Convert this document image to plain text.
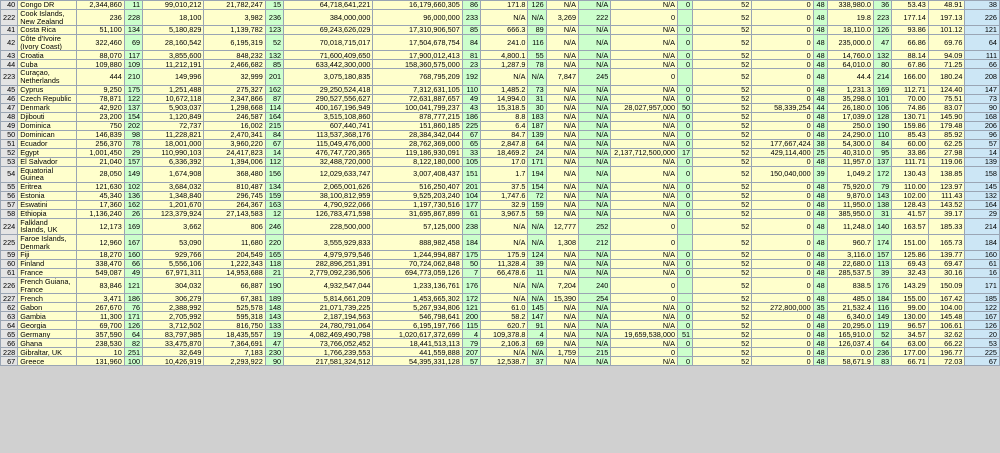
40	Congo DR	2,344,860	11	99,010,212	21,782,247	15	64,718,641,221	16,179,660,305	86	171.8	126	N/A	N/A	N/A	0	52	0	48	338,980.0	36	53.43	48.91	38
222	Cook Islands, New Zealand	236	228	18,100	3,982	236	384,000,000	96,000,000	233	N/A	N/A	3,269	222	0		52	0	48	19.8	223	177.14	197.13	226
41	Costa Rica	51,100	134	5,180,829	1,139,782	123	69,243,626,029	17,310,906,507	85	666.3	89	N/A	N/A	N/A	0	52	0	48	18,110.0	126	93.86	101.12	121
42	Côte d'Ivoire (Ivory Coast)	322,460	69	28,160,542	6,195,319	52	70,018,715,017	17,504,678,754	84	241.0	116	N/A	N/A	N/A	0	52	0	48	235,000.0	47	66.86	69.76	64
43	Croatia	88,070	117	3,855,600	848,232	132	71,600,409,650	17,900,012,413	81	4,800.1	55	N/A	N/A	N/A	0	52	0	48	14,760.0	132	88.14	94.09	111
44	Cuba	109,880	109	11,212,191	2,466,682	85	633,442,300,000	158,360,575,000	23	1,287.9	78	N/A	N/A	N/A	0	52	0	48	64,010.0	80	67.86	71.25	66
223	Curaçao, Netherlands	444	210	149,996	32,999	201	3,075,180,835	768,795,209	192	N/A	N/A	7,847	245	0		52	0	48	44.4	214	166.00	180.24	208
45	Cyprus	9,250	175	1,251,488	275,327	162	29,250,524,418	7,312,631,105	110	1,485.2	73	N/A	N/A	N/A	0	52	0	48	1,231.3	169	112.71	124.40	147
46	Czech Republic	78,871	122	10,672,118	2,347,866	87	290,527,556,627	72,631,887,657	49	14,994.0	31	N/A	N/A	N/A	0	52	0	48	35,298.0	101	70.00	75.51	73
47	Denmark	42,920	137	5,903,037	1,298,668	114	400,167,196,949	100,041,799,237	43	15,318.5	30	N/A	N/A	28,027,957,000	50	52	58,339,254	44	26,180.0	106	74.86	83.07	90
48	Djibouti	23,200	154	1,120,849	246,587	164	3,515,108,860	878,777,215	186	8.8	183	N/A	N/A	N/A	0	52	0	48	17,039.0	128	130.71	145.90	168
49	Dominica	750	202	72,737	16,002	215	607,440,741	151,860,185	225	6.4	187	N/A	N/A	N/A	0	52	0	48	250.0	190	159.86	179.48	206
50	Dominican	146,839	98	11,228,821	2,470,341	84	113,537,368,176	28,384,342,044	67	84.7	139	N/A	N/A	N/A	0	52	0	48	24,290.0	110	85.43	85.92	96
51	Ecuador	256,370	78	18,001,000	3,960,220	67	115,049,476,000	28,762,369,000	65	2,847.8	64	N/A	N/A	N/A	0	52	177,667,424	38	54,300.0	84	60.00	62.25	57
52	Egypt	1,001,450	29	110,990,103	24,417,823	14	476,747,720,365	119,186,930,091	33	18,469.2	24	N/A	N/A	2,137,712,500,000	17	52	429,114,400	25	40,310.0	95	33.86	27.98	14
53	El Salvador	21,040	157	6,336,392	1,394,006	112	32,488,720,000	8,122,180,000	105	17.0	171	N/A	N/A	N/A	0	52	0	48	11,957.0	137	111.71	119.06	139
54	Equatorial Guinea	28,050	149	1,674,908	368,480	156	12,029,633,747	3,007,408,437	151	1.7	194	N/A	N/A	N/A	0	52	150,040,000	39	1,049.2	172	130.43	138.85	158
55	Eritrea	121,630	102	3,684,032	810,487	134	2,065,001,626	516,250,407	201	37.5	154	N/A	N/A	N/A	0	52	0	48	75,920.0	79	110.00	123.97	145
56	Estonia	45,340	136	1,348,840	296,745	159	38,100,812,959	9,525,203,240	104	1,747.6	72	N/A	N/A	N/A	0	52	0	48	9,870.0	143	102.00	111.43	132
57	Eswatini	17,360	162	1,201,670	264,367	163	4,790,922,066	1,197,730,516	177	32.9	159	N/A	N/A	N/A	0	52	0	48	11,950.0	138	128.43	143.52	164
58	Ethiopia	1,136,240	26	123,379,924	27,143,583	12	126,783,471,598	31,695,867,899	61	3,967.5	59	N/A	N/A	N/A	0	52	0	48	385,950.0	31	41.57	39.17	29
224	Falkland Islands, UK	12,173	169	3,662	806	246	228,500,000	57,125,000	238	N/A	N/A	12,777	252	0		52	0	48	11,248.0	140	163.57	185.33	214
225	Faroe Islands, Denmark	12,960	167	53,090	11,680	220	3,555,929,833	888,982,458	184	N/A	N/A	1,308	212	0		52	0	48	960.7	174	151.00	165.73	184
59	Fiji	18,270	160	929,766	204,549	165	4,979,979,546	1,244,994,887	175	175.9	124	N/A	N/A	N/A	0	52	0	48	3,116.0	157	125.86	139.77	160
60	Finland	338,470	66	5,556,106	1,222,343	118	282,896,251,391	70,724,062,848	50	11,328.4	39	N/A	N/A	N/A	0	52	0	48	22,680.0	113	69.43	69.47	61
61	France	549,087	49	67,971,311	14,953,688	21	2,779,092,236,506	694,773,059,126	7	66,478.6	11	N/A	N/A	N/A	0	52	0	48	285,537.5	39	32.43	30.16	16
226	French Guiana, France	83,846	121	304,032	66,887	190	4,932,547,044	1,233,136,761	176	N/A	N/A	7,204	240	0		52	0	48	838.5	176	143.29	150.09	171
227	French	3,471	186	306,279	67,381	189	5,814,661,209	1,453,665,302	172	N/A	N/A	15,390	254	0		52	0	48	485.0	184	155.00	167.42	185
62	Gabon	267,670	76	2,388,992	525,578	148	21,071,739,225	5,267,934,806	121	61.0	145	N/A	N/A	N/A	0	52	272,800,000	35	21,532.4	116	99.00	104.00	122
63	Gambia	11,300	171	2,705,992	595,318	143	2,187,194,563	546,798,641	200	58.2	147	N/A	N/A	N/A	0	52	0	48	6,340.0	149	130.00	145.48	167
64	Georgia	69,700	126	3,712,502	816,750	133	24,780,791,064	6,195,197,766	115	620.7	91	N/A	N/A	N/A	0	52	0	48	20,295.0	119	96.57	106.61	126
65	Germany	357,590	64	83,797,985	18,435,557	19	4,082,469,490,798	1,020,617,372,699	4	109,378.8	4	N/A	N/A	19,659,538,000	51	52	0	48	165,910.0	52	34.57	32.62	20
66	Ghana	238,530	82	33,475,870	7,364,691	47	73,766,052,452	18,441,513,113	79	2,106.3	69	N/A	N/A	N/A	0	52	0	48	126,037.4	64	63.00	66.22	53
228	Gibraltar, UK	10	251	32,649	7,183	230	1,766,239,553	441,559,888	207	N/A	N/A	1,759	215	0		52	0	48	0.0	236	177.00	196.77	225
67	Greece	131,960	100	10,426,919	2,293,922	90	217,581,324,512	54,395,331,128	57	12,538.7	37	N/A	N/A	N/A	0	52	0	48	58,671.9	83	66.71	72.03	67
